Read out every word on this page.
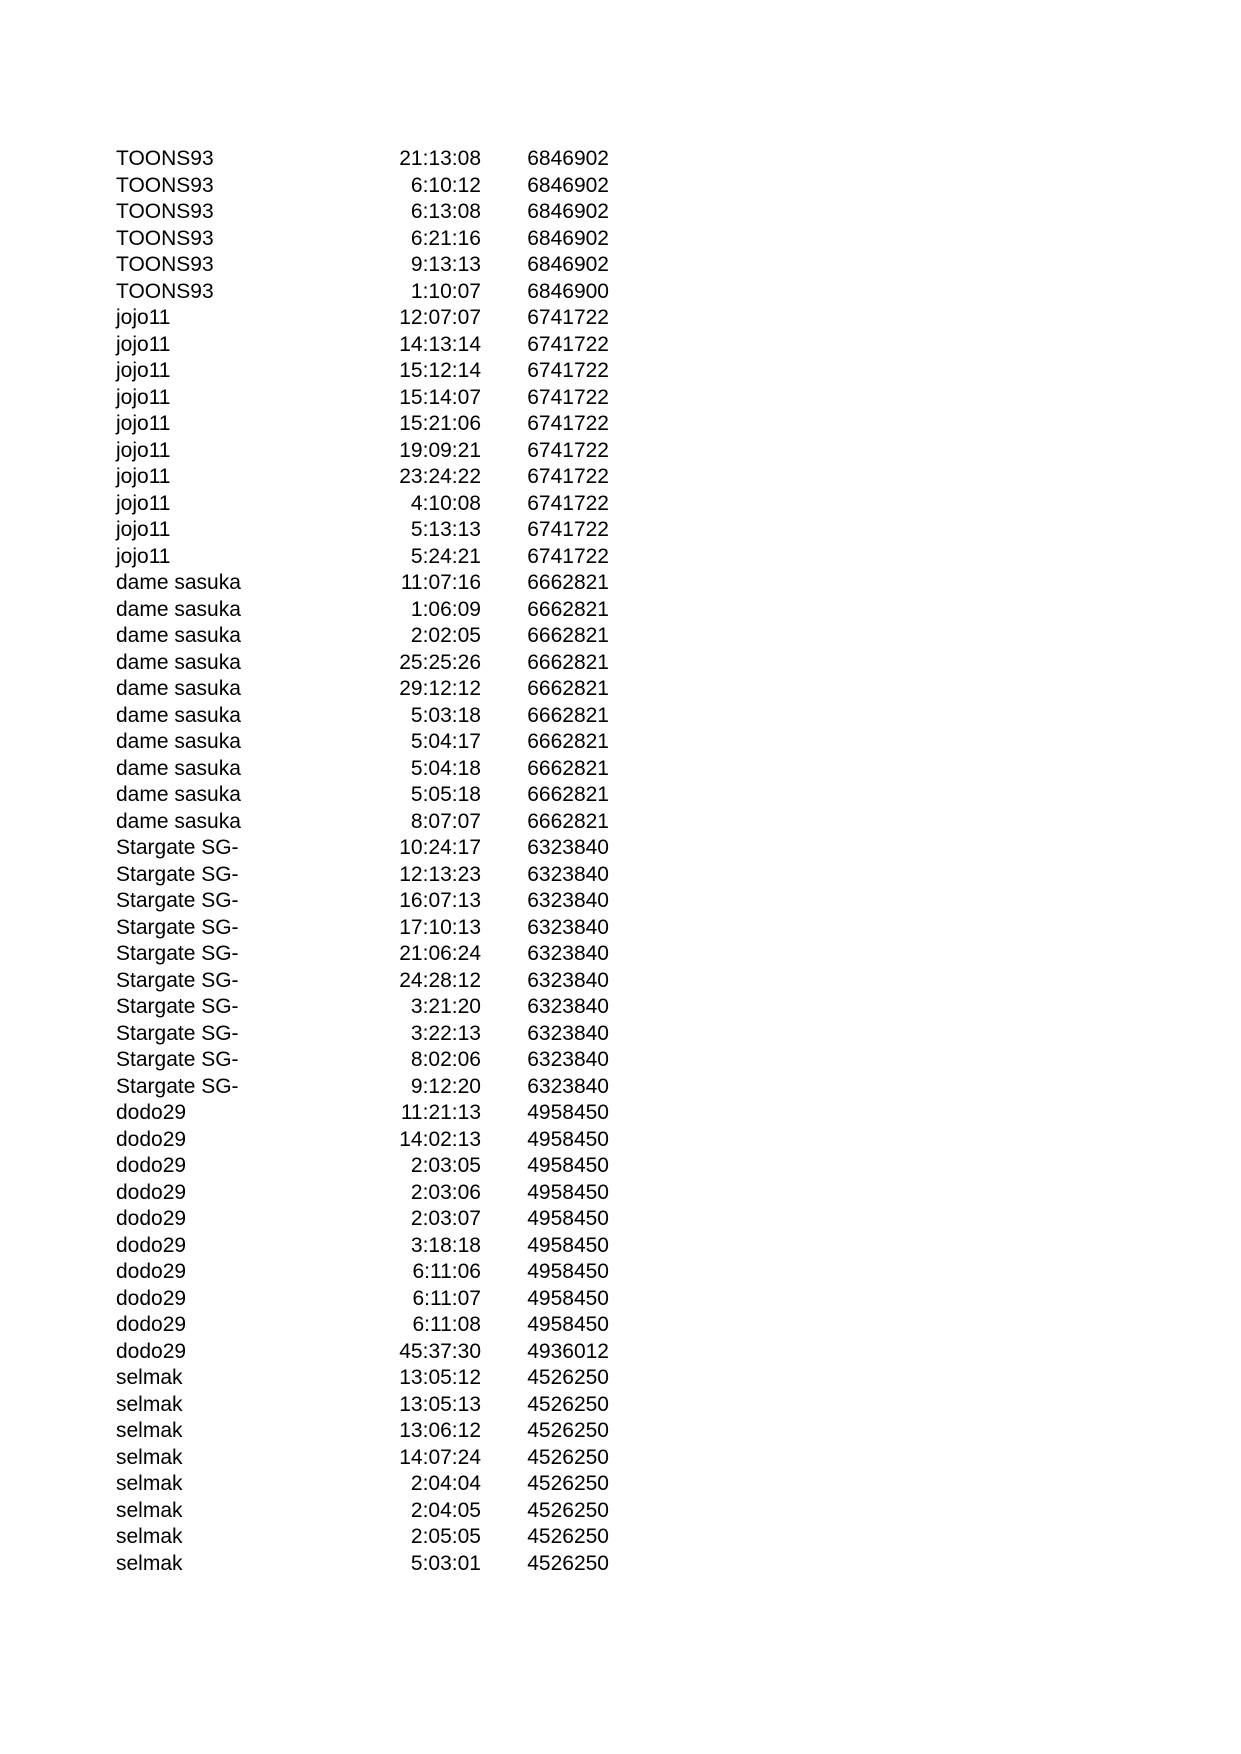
TOONS93	21:13:08	6846902
TOONS93	6:10:12	6846902
TOONS93	6:13:08	6846902
TOONS93	6:21:16	6846902
TOONS93	9:13:13	6846902
TOONS93	1:10:07	6846900
jojo11	12:07:07	6741722
jojo11	14:13:14	6741722
jojo11	15:12:14	6741722
jojo11	15:14:07	6741722
jojo11	15:21:06	6741722
jojo11	19:09:21	6741722
jojo11	23:24:22	6741722
jojo11	4:10:08	6741722
jojo11	5:13:13	6741722
jojo11	5:24:21	6741722
dame sasuka	11:07:16	6662821
dame sasuka	1:06:09	6662821
dame sasuka	2:02:05	6662821
dame sasuka	25:25:26	6662821
dame sasuka	29:12:12	6662821
dame sasuka	5:03:18	6662821
dame sasuka	5:04:17	6662821
dame sasuka	5:04:18	6662821
dame sasuka	5:05:18	6662821
dame sasuka	8:07:07	6662821
Stargate SG-	10:24:17	6323840
Stargate SG-	12:13:23	6323840
Stargate SG-	16:07:13	6323840
Stargate SG-	17:10:13	6323840
Stargate SG-	21:06:24	6323840
Stargate SG-	24:28:12	6323840
Stargate SG-	3:21:20	6323840
Stargate SG-	3:22:13	6323840
Stargate SG-	8:02:06	6323840
Stargate SG-	9:12:20	6323840
dodo29	11:21:13	4958450
dodo29	14:02:13	4958450
dodo29	2:03:05	4958450
dodo29	2:03:06	4958450
dodo29	2:03:07	4958450
dodo29	3:18:18	4958450
dodo29	6:11:06	4958450
dodo29	6:11:07	4958450
dodo29	6:11:08	4958450
dodo29	45:37:30	4936012
selmak	13:05:12	4526250
selmak	13:05:13	4526250
selmak	13:06:12	4526250
selmak	14:07:24	4526250
selmak	2:04:04	4526250
selmak	2:04:05	4526250
selmak	2:05:05	4526250
selmak	5:03:01	4526250
